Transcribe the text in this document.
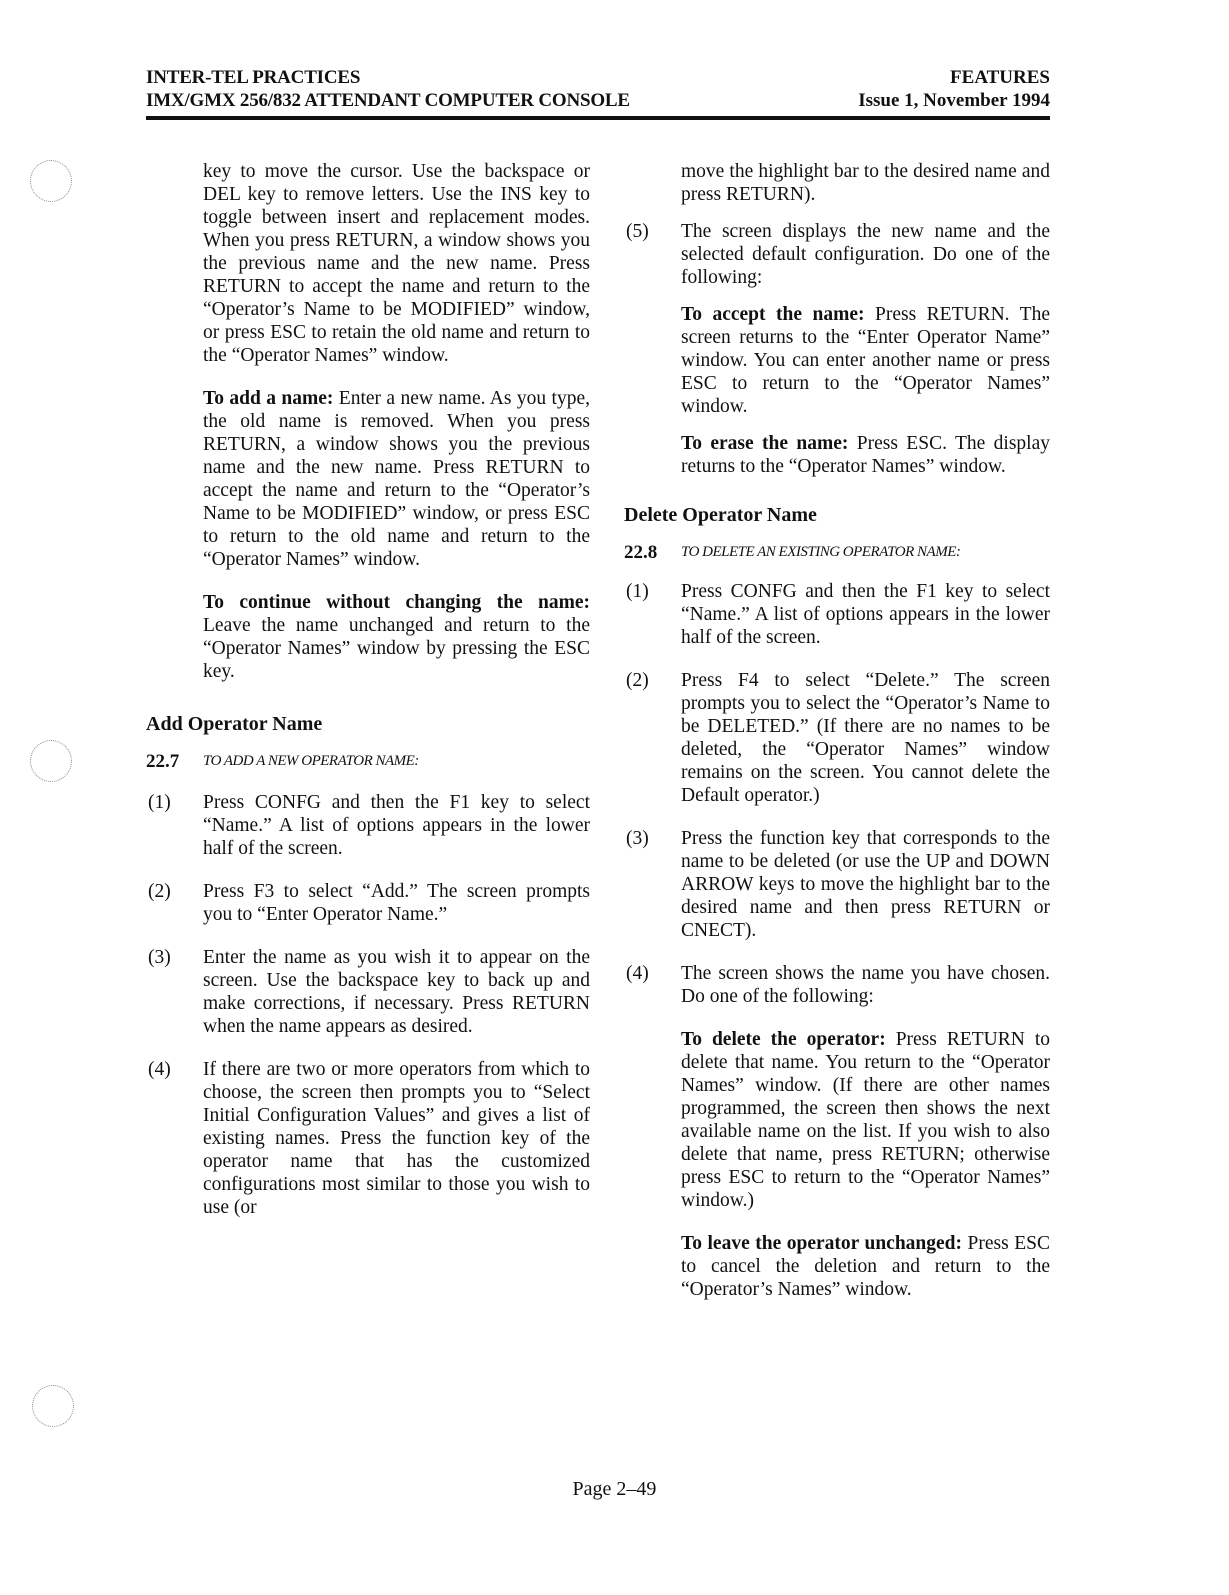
INTER-TEL PRACTICES
IMX/GMX 256/832 ATTENDANT COMPUTER CONSOLE
FEATURES
Issue 1, November 1994

key to move the cursor. Use the backspace or DEL key to remove letters. Use the INS key to toggle between insert and replacement modes. When you press RETURN, a window shows you the previous name and the new name. Press RETURN to accept the name and return to the “Operator’s Name to be MODIFIED” window, or press ESC to retain the old name and return to the “Operator Names” window.

To add a name: Enter a new name. As you type, the old name is removed. When you press RETURN, a window shows you the previous name and the new name. Press RETURN to accept the name and return to the “Operator’s Name to be MODIFIED” window, or press ESC to return to the old name and return to the “Operator Names” window.

To continue without changing the name: Leave the name unchanged and return to the “Operator Names” window by pressing the ESC key.

Add Operator Name

22.7	TO ADD A NEW OPERATOR NAME:
(1)	Press CONFG and then the F1 key to select “Name.” A list of options appears in the lower half of the screen.
(2)	Press F3 to select “Add.” The screen prompts you to “Enter Operator Name.”
(3)	Enter the name as you wish it to appear on the screen. Use the backspace key to back up and make corrections, if necessary. Press RETURN when the name appears as desired.
(4)	If there are two or more operators from which to choose, the screen then prompts you to “Select Initial Configuration Values” and gives a list of existing names. Press the function key of the operator name that has the customized configurations most similar to those you wish to use (or

move the highlight bar to the desired name and press RETURN).

(5)	The screen displays the new name and the selected default configuration. Do one of the following:

To accept the name: Press RETURN. The screen returns to the “Enter Operator Name” window. You can enter another name or press ESC to return to the “Operator Names” window.

To erase the name: Press ESC. The display returns to the “Operator Names” window.

Delete Operator Name

22.8	TO DELETE AN EXISTING OPERATOR NAME:
(1)	Press CONFG and then the F1 key to select “Name.” A list of options appears in the lower half of the screen.
(2)	Press F4 to select “Delete.” The screen prompts you to select the “Operator’s Name to be DELETED.” (If there are no names to be deleted, the “Operator Names” window remains on the screen. You cannot delete the Default operator.)
(3)	Press the function key that corresponds to the name to be deleted (or use the UP and DOWN ARROW keys to move the highlight bar to the desired name and then press RETURN or CNECT).
(4)	The screen shows the name you have chosen. Do one of the following:

To delete the operator: Press RETURN to delete that name. You return to the “Operator Names” window. (If there are other names programmed, the screen then shows the next available name on the list. If you wish to also delete that name, press RETURN; otherwise press ESC to return to the “Operator Names” window.)

To leave the operator unchanged: Press ESC to cancel the deletion and return to the “Operator’s Names” window.

Page 2–49
